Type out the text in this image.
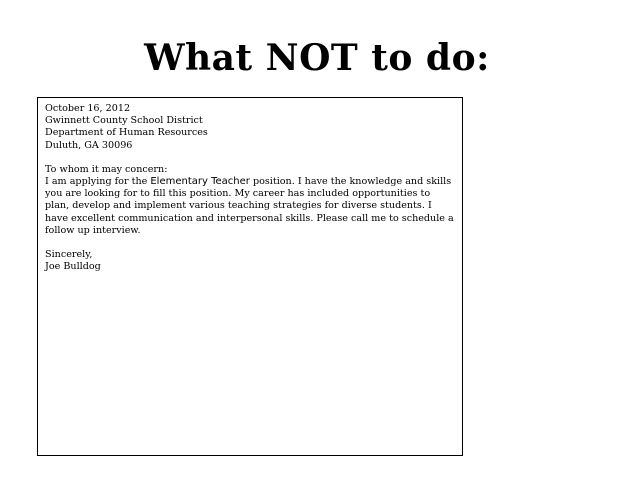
What NOT to do:

October 16, 2012

Gwinnett County School District

Department of Human Resources

Duluth, GA 30096

To whom it may concern:

I am applying for the Elementary Teacher position. I have the knowledge and skills

you are looking for to fill this position. My career has included opportunities to

plan, develop and implement various teaching strategies for diverse students. I

have excellent communication and interpersonal skills. Please call me to schedule a

follow up interview.

Sincerely,

Joe Bulldog
